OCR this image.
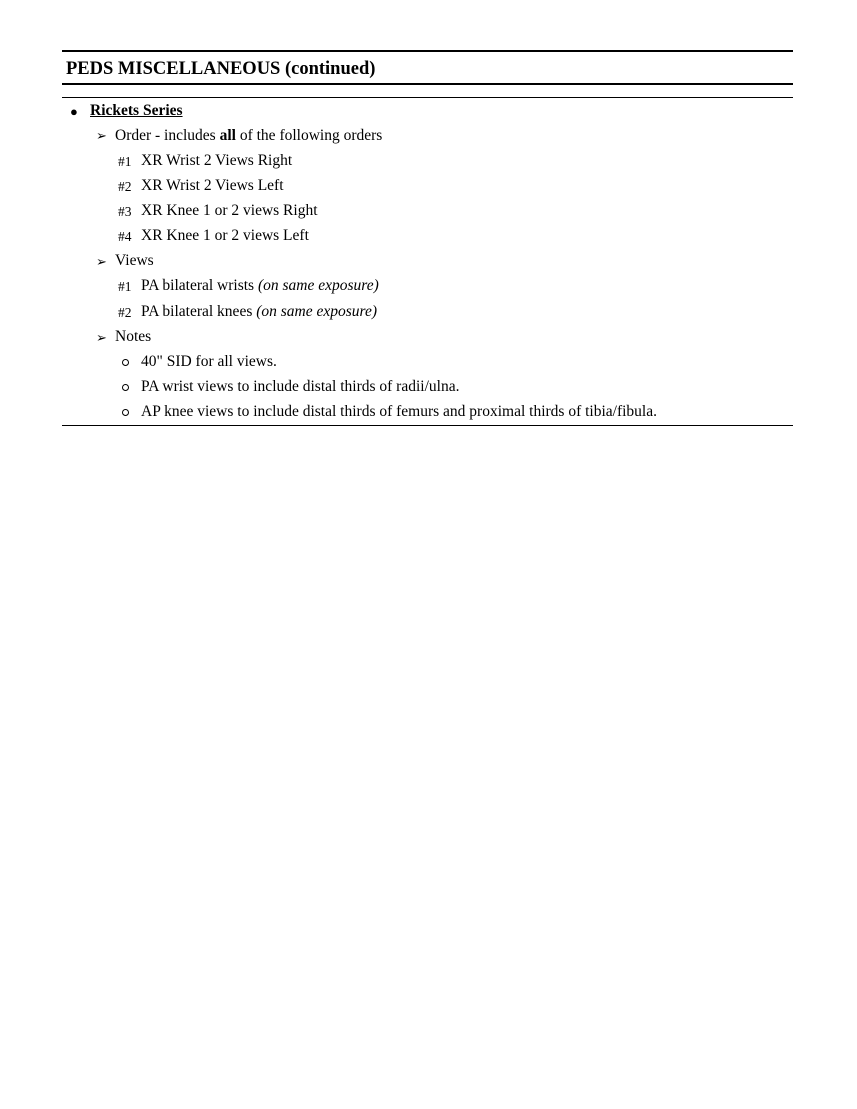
PEDS MISCELLANEOUS (continued)
● Rickets Series
➢ Order - includes all of the following orders
#1 XR Wrist 2 Views Right
#2 XR Wrist 2 Views Left
#3 XR Knee 1 or 2 views Right
#4 XR Knee 1 or 2 views Left
➢ Views
#1 PA bilateral wrists (on same exposure)
#2 PA bilateral knees (on same exposure)
➢ Notes
40" SID for all views.
PA wrist views to include distal thirds of radii/ulna.
AP knee views to include distal thirds of femurs and proximal thirds of tibia/fibula.
